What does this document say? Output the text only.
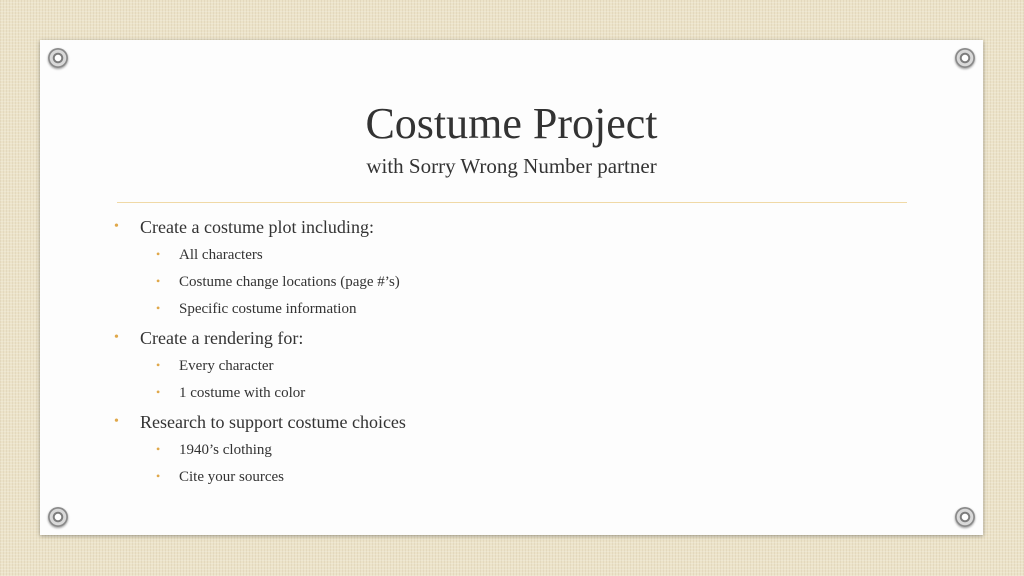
Costume Project
with Sorry Wrong Number partner
• Create a costume plot including:
• All characters
• Costume change locations (page #’s)
• Specific costume information
• Create a rendering for:
• Every character
• 1 costume with color
• Research to support costume choices
• 1940’s clothing
• Cite your sources
